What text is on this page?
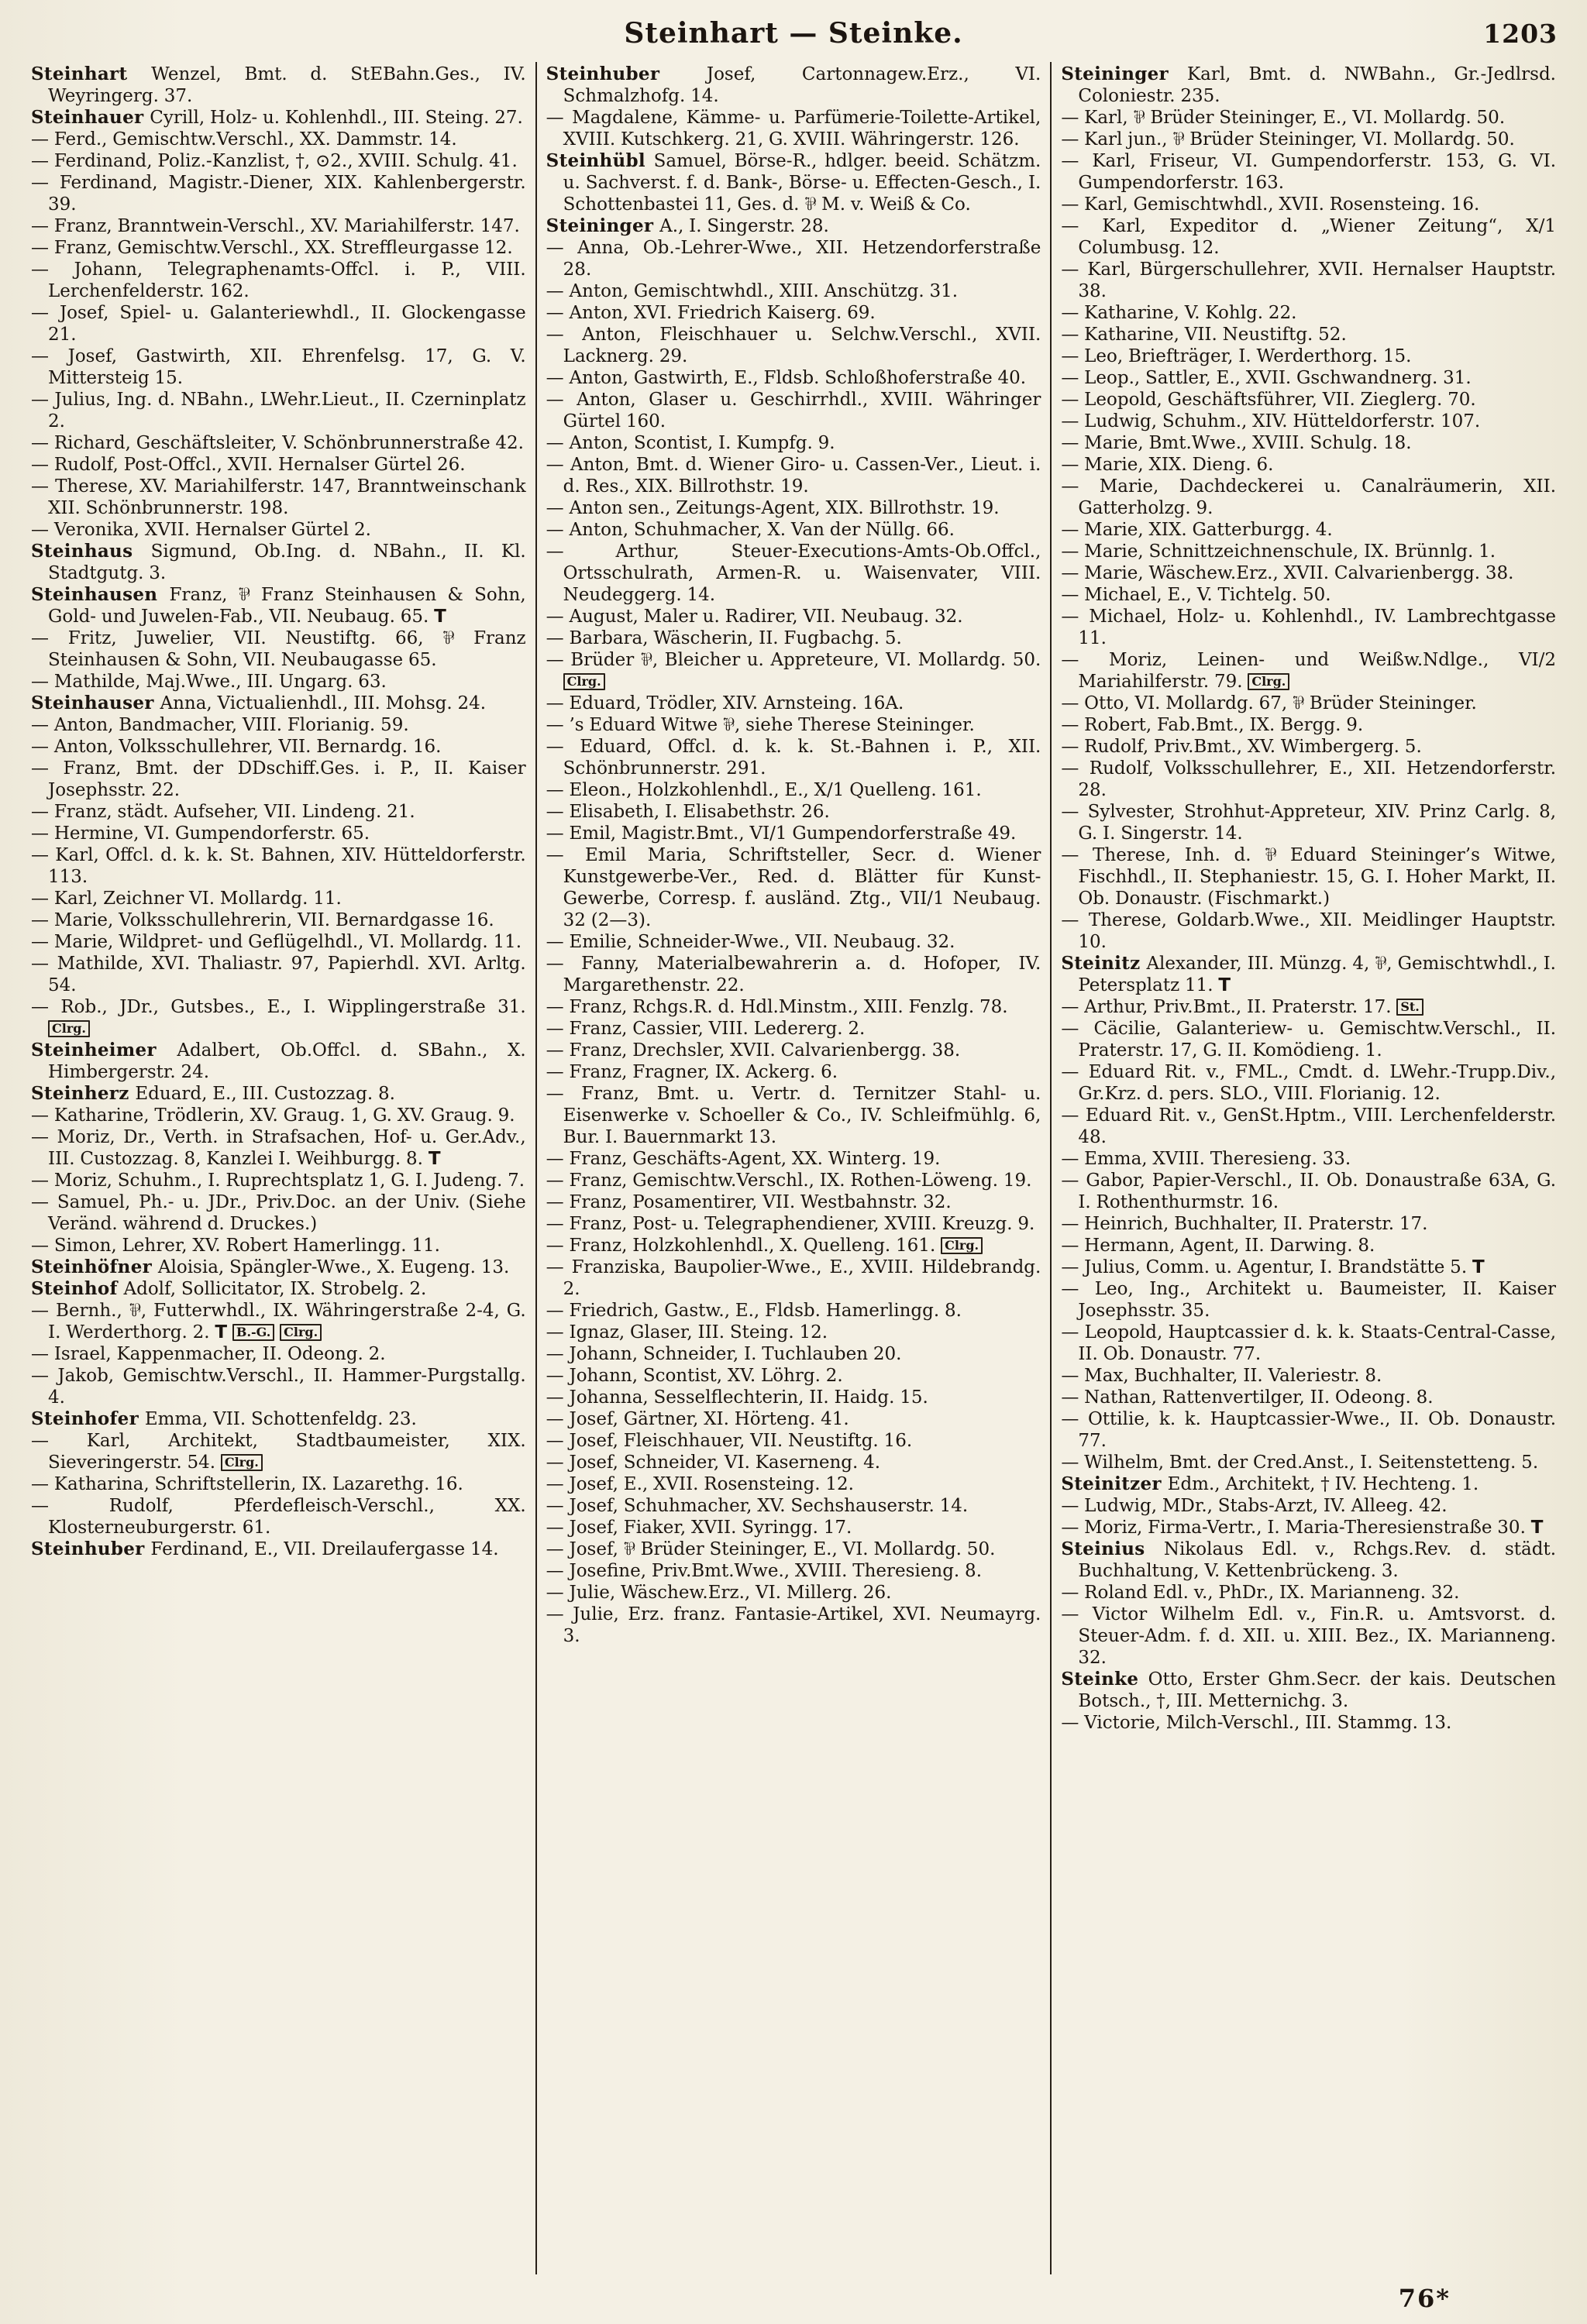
Steinhart — Steinke.	1203
Steinhart Wenzel, Bmt. d. StEBahn.Ges., IV. Weyringerg. 37.
Steinhauer Cyrill, Holz- u. Kohlenhdl., III. Steing. 27.
— Ferd., Gemischtw.Verschl., XX. Dammstr. 14.
— Ferdinand, Poliz.-Kanzlist, †, ⊙2., XVIII. Schulg. 41.
— Ferdinand, Magistr.-Diener, XIX. Kahlenbergerstr. 39.
— Franz, Branntwein-Verschl., XV. Mariahilferstr. 147.
— Franz, Gemischtw.Verschl., XX. Streffleurgasse 12.
— Johann, Telegraphenamts-Offcl. i. P., VIII. Lerchenfelderstr. 162.
— Josef, Spiel- u. Galanteriewhdl., II. Glockengasse 21.
— Josef, Gastwirth, XII. Ehrenfelsg. 17, G. V. Mittersteig 15.
— Julius, Ing. d. NBahn., LWehr.Lieut., II. Czerninplatz 2.
— Richard, Geschäftsleiter, V. Schönbrunnerstraße 42.
— Rudolf, Post-Offcl., XVII. Hernalser Gürtel 26.
— Therese, XV. Mariahilferstr. 147, Branntweinschank XII. Schönbrunnerstr. 198.
— Veronika, XVII. Hernalser Gürtel 2.
Steinhaus Sigmund, Ob.Ing. d. NBahn., II. Kl. Stadtgutg. 3.
Steinhausen Franz, ⅌ Franz Steinhausen & Sohn, Gold- und Juwelen-Fab., VII. Neubaug. 65. T
— Fritz, Juwelier, VII. Neustiftg. 66, ⅌ Franz Steinhausen & Sohn, VII. Neubaugasse 65.
— Mathilde, Maj.Wwe., III. Ungarg. 63.
Steinhauser Anna, Victualienhdl., III. Mohsg. 24.
— Anton, Bandmacher, VIII. Florianig. 59.
— Anton, Volksschullehrer, VII. Bernardg. 16.
— Franz, Bmt. der DDschiff.Ges. i. P., II. Kaiser Josephsstr. 22.
— Franz, städt. Aufseher, VII. Lindeng. 21.
— Hermine, VI. Gumpendorferstr. 65.
— Karl, Offcl. d. k. k. St. Bahnen, XIV. Hütteldorferstr. 113.
— Karl, Zeichner VI. Mollardg. 11.
— Marie, Volksschullehrerin, VII. Bernardgasse 16.
— Marie, Wildpret- und Geflügelhdl., VI. Mollardg. 11.
— Mathilde, XVI. Thaliastr. 97, Papierhdl. XVI. Arltg. 54.
— Rob., JDr., Gutsbes., E., I. Wipplingerstraße 31. Clrg.
Steinheimer Adalbert, Ob.Offcl. d. SBahn., X. Himbergerstr. 24.
Steinherz Eduard, E., III. Custozzag. 8.
— Katharine, Trödlerin, XV. Graug. 1, G. XV. Graug. 9.
— Moriz, Dr., Verth. in Strafsachen, Hof- u. Ger.Adv., III. Custozzag. 8, Kanzlei I. Weihburgg. 8. T
— Moriz, Schuhm., I. Ruprechtsplatz 1, G. I. Judeng. 7.
— Samuel, Ph.- u. JDr., Priv.Doc. an der Univ. (Siehe Veränd. während d. Druckes.)
— Simon, Lehrer, XV. Robert Hamerlingg. 11.
Steinhöfner Aloisia, Spängler-Wwe., X. Eugeng. 13.
Steinhof Adolf, Sollicitator, IX. Strobelg. 2.
— Bernh., ⅌, Futterwhdl., IX. Währingerstraße 2-4, G. I. Werderthorg. 2. T B.-G. Clrg.
— Israel, Kappenmacher, II. Odeong. 2.
— Jakob, Gemischtw.Verschl., II. Hammer-Purgstallg. 4.
Steinhofer Emma, VII. Schottenfeldg. 23.
— Karl, Architekt, Stadtbaumeister, XIX. Sieveringerstr. 54. Clrg.
— Katharina, Schriftstellerin, IX. Lazarethg. 16.
— Rudolf, Pferdefleisch-Verschl., XX. Klosterneuburgerstr. 61.
Steinhuber Ferdinand, E., VII. Dreilaufergasse 14.
Steinhuber Josef, Cartonnagew.Erz., VI. Schmalzhofg. 14.
— Magdalene, Kämme- u. Parfümerie-Toilette-Artikel, XVIII. Kutschkerg. 21, G. XVIII. Währingerstr. 126.
Steinhübl Samuel, Börse-R., hdlger. beeid. Schätzm. u. Sachverst. f. d. Bank-, Börse- u. Effecten-Gesch., I. Schottenbastei 11, Ges. d. ⅌ M. v. Weiß & Co.
Steininger A., I. Singerstr. 28.
— Anna, Ob.-Lehrer-Wwe., XII. Hetzendorferstraße 28.
— Anton, Gemischtwhdl., XIII. Anschützg. 31.
— Anton, XVI. Friedrich Kaiserg. 69.
— Anton, Fleischhauer u. Selchw.Verschl., XVII. Lacknerg. 29.
— Anton, Gastwirth, E., Fldsb. Schloßhoferstraße 40.
— Anton, Glaser u. Geschirrhdl., XVIII. Währinger Gürtel 160.
— Anton, Scontist, I. Kumpfg. 9.
— Anton, Bmt. d. Wiener Giro- u. Cassen-Ver., Lieut. i. d. Res., XIX. Billrothstr. 19.
— Anton sen., Zeitungs-Agent, XIX. Billrothstr. 19.
— Anton, Schuhmacher, X. Van der Nüllg. 66.
— Arthur, Steuer-Executions-Amts-Ob.Offcl., Ortsschulrath, Armen-R. u. Waisenvater, VIII. Neudeggerg. 14.
— August, Maler u. Radirer, VII. Neubaug. 32.
— Barbara, Wäscherin, II. Fugbachg. 5.
— Brüder ⅌, Bleicher u. Appreteure, VI. Mollardg. 50. Clrg.
— Eduard, Trödler, XIV. Arnsteing. 16A.
— ’s Eduard Witwe ⅌, siehe Therese Steininger.
— Eduard, Offcl. d. k. k. St.-Bahnen i. P., XII. Schönbrunnerstr. 291.
— Eleon., Holzkohlenhdl., E., X/1 Quelleng. 161.
— Elisabeth, I. Elisabethstr. 26.
— Emil, Magistr.Bmt., VI/1 Gumpendorferstraße 49.
— Emil Maria, Schriftsteller, Secr. d. Wiener Kunstgewerbe-Ver., Red. d. Blätter für Kunst-Gewerbe, Corresp. f. ausländ. Ztg., VII/1 Neubaug. 32 (2—3).
— Emilie, Schneider-Wwe., VII. Neubaug. 32.
— Fanny, Materialbewahrerin a. d. Hofoper, IV. Margarethenstr. 22.
— Franz, Rchgs.R. d. Hdl.Minstm., XIII. Fenzlg. 78.
— Franz, Cassier, VIII. Ledererg. 2.
— Franz, Drechsler, XVII. Calvarienbergg. 38.
— Franz, Fragner, IX. Ackerg. 6.
— Franz, Bmt. u. Vertr. d. Ternitzer Stahl- u. Eisenwerke v. Schoeller & Co., IV. Schleifmühlg. 6, Bur. I. Bauernmarkt 13.
— Franz, Geschäfts-Agent, XX. Winterg. 19.
— Franz, Gemischtw.Verschl., IX. Rothen-Löweng. 19.
— Franz, Posamentirer, VII. Westbahnstr. 32.
— Franz, Post- u. Telegraphendiener, XVIII. Kreuzg. 9.
— Franz, Holzkohlenhdl., X. Quelleng. 161. Clrg.
— Franziska, Baupolier-Wwe., E., XVIII. Hildebrandg. 2.
— Friedrich, Gastw., E., Fldsb. Hamerlingg. 8.
— Ignaz, Glaser, III. Steing. 12.
— Johann, Schneider, I. Tuchlauben 20.
— Johann, Scontist, XV. Löhrg. 2.
— Johanna, Sesselflechterin, II. Haidg. 15.
— Josef, Gärtner, XI. Hörteng. 41.
— Josef, Fleischhauer, VII. Neustiftg. 16.
— Josef, Schneider, VI. Kaserneng. 4.
— Josef, E., XVII. Rosensteing. 12.
— Josef, Schuhmacher, XV. Sechshauserstr. 14.
— Josef, Fiaker, XVII. Syringg. 17.
— Josef, ⅌ Brüder Steininger, E., VI. Mollardg. 50.
— Josefine, Priv.Bmt.Wwe., XVIII. Theresieng. 8.
— Julie, Wäschew.Erz., VI. Millerg. 26.
— Julie, Erz. franz. Fantasie-Artikel, XVI. Neumayrg. 3.
Steininger Karl, Bmt. d. NWBahn., Gr.-Jedlrsd. Coloniestr. 235.
— Karl, ⅌ Brüder Steininger, E., VI. Mollardg. 50.
— Karl jun., ⅌ Brüder Steininger, VI. Mollardg. 50.
— Karl, Friseur, VI. Gumpendorferstr. 153, G. VI. Gumpendorferstr. 163.
— Karl, Gemischtwhdl., XVII. Rosensteing. 16.
— Karl, Expeditor d. „Wiener Zeitung“, X/1 Columbusg. 12.
— Karl, Bürgerschullehrer, XVII. Hernalser Hauptstr. 38.
— Katharine, V. Kohlg. 22.
— Katharine, VII. Neustiftg. 52.
— Leo, Briefträger, I. Werderthorg. 15.
— Leop., Sattler, E., XVII. Gschwandnerg. 31.
— Leopold, Geschäftsführer, VII. Zieglerg. 70.
— Ludwig, Schuhm., XIV. Hütteldorferstr. 107.
— Marie, Bmt.Wwe., XVIII. Schulg. 18.
— Marie, XIX. Dieng. 6.
— Marie, Dachdeckerei u. Canalräumerin, XII. Gatterholzg. 9.
— Marie, XIX. Gatterburgg. 4.
— Marie, Schnittzeichnenschule, IX. Brünnlg. 1.
— Marie, Wäschew.Erz., XVII. Calvarienbergg. 38.
— Michael, E., V. Tichtelg. 50.
— Michael, Holz- u. Kohlenhdl., IV. Lambrechtgasse 11.
— Moriz, Leinen- und Weißw.Ndlge., VI/2 Mariahilferstr. 79. Clrg.
— Otto, VI. Mollardg. 67, ⅌ Brüder Steininger.
— Robert, Fab.Bmt., IX. Bergg. 9.
— Rudolf, Priv.Bmt., XV. Wimbergerg. 5.
— Rudolf, Volksschullehrer, E., XII. Hetzendorferstr. 28.
— Sylvester, Strohhut-Appreteur, XIV. Prinz Carlg. 8, G. I. Singerstr. 14.
— Therese, Inh. d. ⅌ Eduard Steininger’s Witwe, Fischhdl., II. Stephaniestr. 15, G. I. Hoher Markt, II. Ob. Donaustr. (Fischmarkt.)
— Therese, Goldarb.Wwe., XII. Meidlinger Hauptstr. 10.
Steinitz Alexander, III. Münzg. 4, ⅌, Gemischtwhdl., I. Petersplatz 11. T
— Arthur, Priv.Bmt., II. Praterstr. 17. St.
— Cäcilie, Galanteriew- u. Gemischtw.Verschl., II. Praterstr. 17, G. II. Komödieng. 1.
— Eduard Rit. v., FML., Cmdt. d. LWehr.-Trupp.Div., Gr.Krz. d. pers. SLO., VIII. Florianig. 12.
— Eduard Rit. v., GenSt.Hptm., VIII. Lerchenfelderstr. 48.
— Emma, XVIII. Theresieng. 33.
— Gabor, Papier-Verschl., II. Ob. Donaustraße 63A, G. I. Rothenthurmstr. 16.
— Heinrich, Buchhalter, II. Praterstr. 17.
— Hermann, Agent, II. Darwing. 8.
— Julius, Comm. u. Agentur, I. Brandstätte 5. T
— Leo, Ing., Architekt u. Baumeister, II. Kaiser Josephsstr. 35.
— Leopold, Hauptcassier d. k. k. Staats-Central-Casse, II. Ob. Donaustr. 77.
— Max, Buchhalter, II. Valeriestr. 8.
— Nathan, Rattenvertilger, II. Odeong. 8.
— Ottilie, k. k. Hauptcassier-Wwe., II. Ob. Donaustr. 77.
— Wilhelm, Bmt. der Cred.Anst., I. Seitenstetteng. 5.
Steinitzer Edm., Architekt, † IV. Hechteng. 1.
— Ludwig, MDr., Stabs-Arzt, IV. Alleeg. 42.
— Moriz, Firma-Vertr., I. Maria-Theresienstraße 30. T
Steinius Nikolaus Edl. v., Rchgs.Rev. d. städt. Buchhaltung, V. Kettenbrückeng. 3.
— Roland Edl. v., PhDr., IX. Marianneng. 32.
— Victor Wilhelm Edl. v., Fin.R. u. Amtsvorst. d. Steuer-Adm. f. d. XII. u. XIII. Bez., IX. Marianneng. 32.
Steinke Otto, Erster Ghm.Secr. der kais. Deutschen Botsch., †, III. Metternichg. 3.
— Victorie, Milch-Verschl., III. Stammg. 13.
76*
